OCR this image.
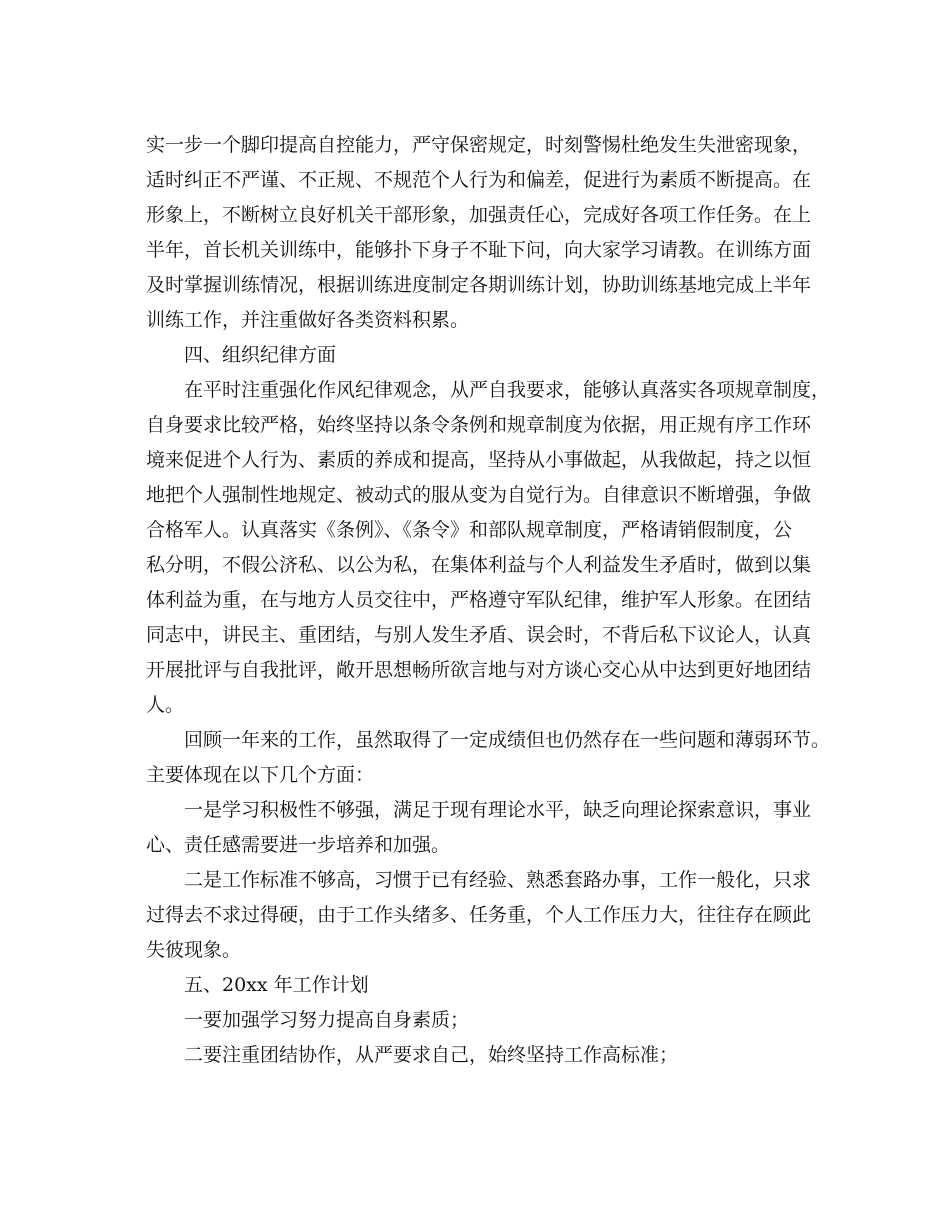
实一步一个脚印提高自控能力，严守保密规定，时刻警惕杜绝发生失泄密现象，
适时纠正不严谨、不正规、不规范个人行为和偏差，促进行为素质不断提高。在
形象上，不断树立良好机关干部形象，加强责任心，完成好各项工作任务。在上
半年，首长机关训练中，能够扑下身子不耻下问，向大家学习请教。在训练方面
及时掌握训练情况，根据训练进度制定各期训练计划，协助训练基地完成上半年
训练工作，并注重做好各类资料积累。
四、组织纪律方面
在平时注重强化作风纪律观念，从严自我要求，能够认真落实各项规章制度，
自身要求比较严格，始终坚持以条令条例和规章制度为依据，用正规有序工作环
境来促进个人行为、素质的养成和提高，坚持从小事做起，从我做起，持之以恒
地把个人强制性地规定、被动式的服从变为自觉行为。自律意识不断增强，争做
合格军人。认真落实《条例》、《条令》和部队规章制度，严格请销假制度，公
私分明，不假公济私、以公为私，在集体利益与个人利益发生矛盾时，做到以集
体利益为重，在与地方人员交往中，严格遵守军队纪律，维护军人形象。在团结
同志中，讲民主、重团结，与别人发生矛盾、误会时，不背后私下议论人，认真
开展批评与自我批评，敞开思想畅所欲言地与对方谈心交心从中达到更好地团结
人。
回顾一年来的工作，虽然取得了一定成绩但也仍然存在一些问题和薄弱环节。
主要体现在以下几个方面：
一是学习积极性不够强，满足于现有理论水平，缺乏向理论探索意识，事业
心、责任感需要进一步培养和加强。
二是工作标准不够高，习惯于已有经验、熟悉套路办事，工作一般化，只求
过得去不求过得硬，由于工作头绪多、任务重，个人工作压力大，往往存在顾此
失彼现象。
五、20xx 年工作计划
一要加强学习努力提高自身素质；
二要注重团结协作，从严要求自己，始终坚持工作高标准；
